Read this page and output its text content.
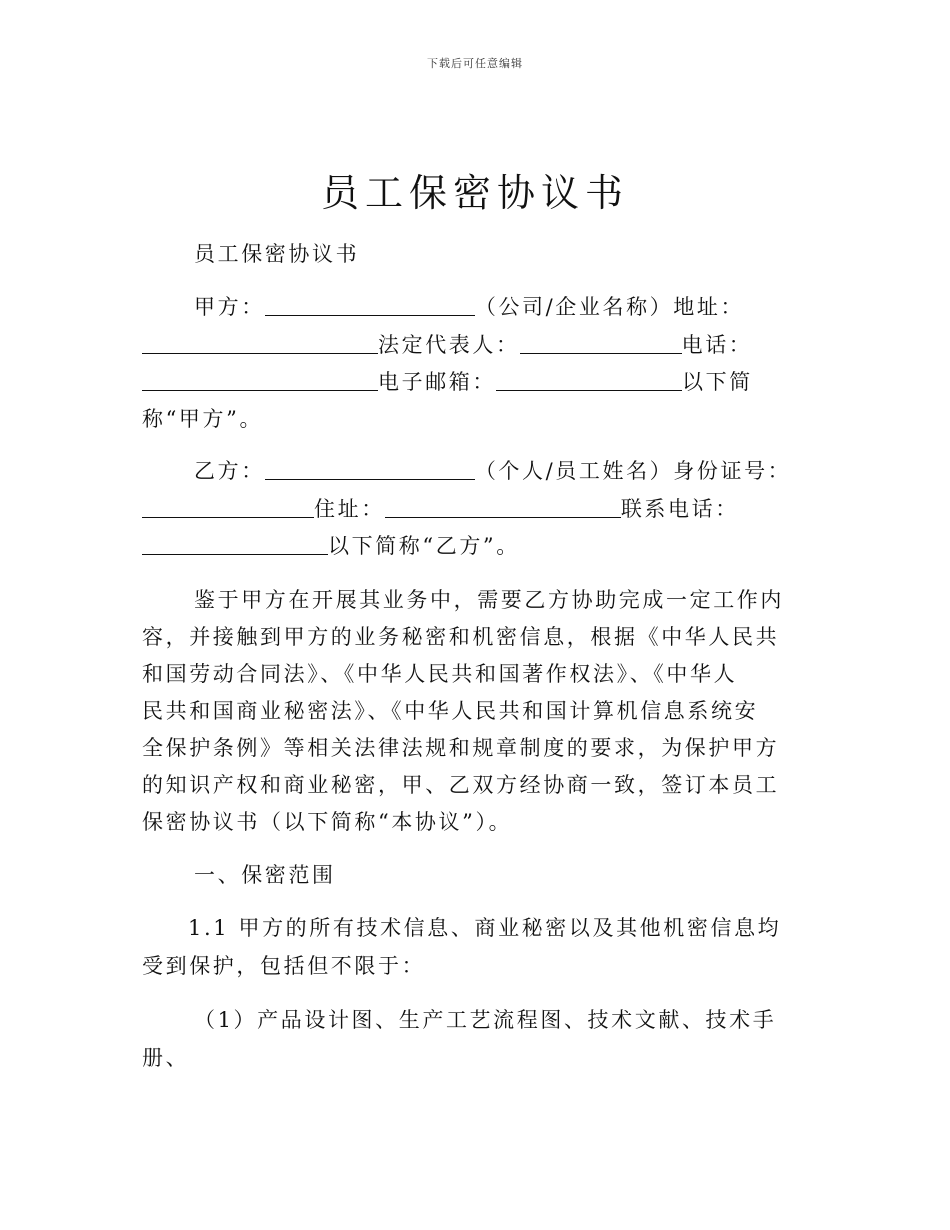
下载后可任意编辑
员工保密协议书
员工保密协议书
甲方：	（公司/企业名称）地址：
法定代表人：	电话：
电子邮箱：	以下简
称“甲方”。
乙方：	（个人/员工姓名）身份证号：
住址：	联系电话：
以下简称“乙方”。
鉴于甲方在开展其业务中，需要乙方协助完成一定工作内
容，并接触到甲方的业务秘密和机密信息，根据《中华人民共
和国劳动合同法》、《中华人民共和国著作权法》、《中华人
民共和国商业秘密法》、《中华人民共和国计算机信息系统安
全保护条例》等相关法律法规和规章制度的要求，为保护甲方
的知识产权和商业秘密，甲、乙双方经协商一致，签订本员工
保密协议书（以下简称“本协议”）。
一、保密范围
1.1 甲方的所有技术信息、商业秘密以及其他机密信息均
受到保护，包括但不限于：
（1）产品设计图、生产工艺流程图、技术文献、技术手
册、
